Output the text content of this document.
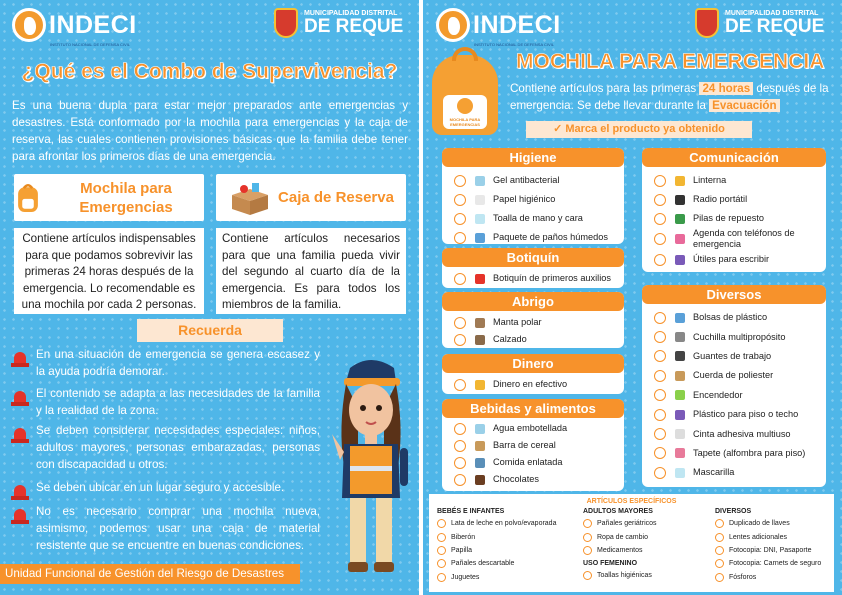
INDECI
INSTITUTO NACIONAL DE DEFENSA CIVIL
MUNICIPALIDAD DISTRITAL
DE REQUE
¿Qué es el Combo de Supervivencia?

Es una buena dupla para estar mejor preparados ante emergencias y desastres. Está conformado por la mochila para emergencias y la caja de reserva, las cuales contienen provisiones básicas que la familia debe tener para afrontar los primeros días de una emergencia.

Mochila para Emergencias
Contiene artículos indispensables para que podamos sobrevivir las primeras 24 horas después de la emergencia. Lo recomendable es una mochila por cada 2 personas.
Caja de Reserva
Contiene artículos necesarios para que una familia pueda vivir del segundo al cuarto día de la emergencia. Es para todos los miembros de la familia.
Recuerda

En una situación de emergencia se genera escasez y la ayuda podría demorar.

El contenido se adapta a las necesidades de la familia y la realidad de la zona.

Se deben considerar necesidades especiales: niños, adultos mayores, personas embarazadas, personas con discapacidad u otros.

Se deben ubicar en un lugar seguro y accesible.

No es necesario comprar una mochila nueva, asimismo, podemos usar una caja de material resistente que se encuentre en buenas condiciones.

Unidad Funcional de Gestión del Riesgo de Desastres
INDECI
INSTITUTO NACIONAL DE DEFENSA CIVIL
MUNICIPALIDAD DISTRITAL
DE REQUE
MOCHILA PARA EMERGENCIAS
MOCHILA PARA EMERGENCIA

Contiene artículos para las primeras 24 horas después de la emergencia. Se debe llevar durante la Evacuación

✓ Marca el producto ya obtenido
Higiene
Gel antibacterial
Papel higiénico
Toalla de mano y cara
Paquete de paños húmedos
Botiquín
Botiquín de primeros auxilios
Abrigo
Manta polar
Calzado
Dinero
Dinero en efectivo
Bebidas y alimentos
Agua embotellada
Barra de cereal
Comida enlatada
Chocolates
Comunicación
Linterna
Radio portátil
Pilas de repuesto
Agenda con teléfonos de emergencia
Útiles para escribir
Diversos
Bolsas de plástico
Cuchilla multipropósito
Guantes de trabajo
Cuerda de poliester
Encendedor
Plástico para piso o techo
Cinta adhesiva multiuso
Tapete (alfombra para piso)
Mascarilla
ARTÍCULOS ESPECÍFICOS
BEBÉS E INFANTES
Lata de leche en polvo/evaporada
Biberón
Papilla
Pañales descartable
Juguetes
ADULTOS MAYORES
Pañales geriátricos
Ropa de cambio
Medicamentos
USO FEMENINO
Toallas higiénicas
DIVERSOS
Duplicado de llaves
Lentes adicionales
Fotocopia: DNI, Pasaporte
Fotocopia: Carnets de seguro
Fósforos
